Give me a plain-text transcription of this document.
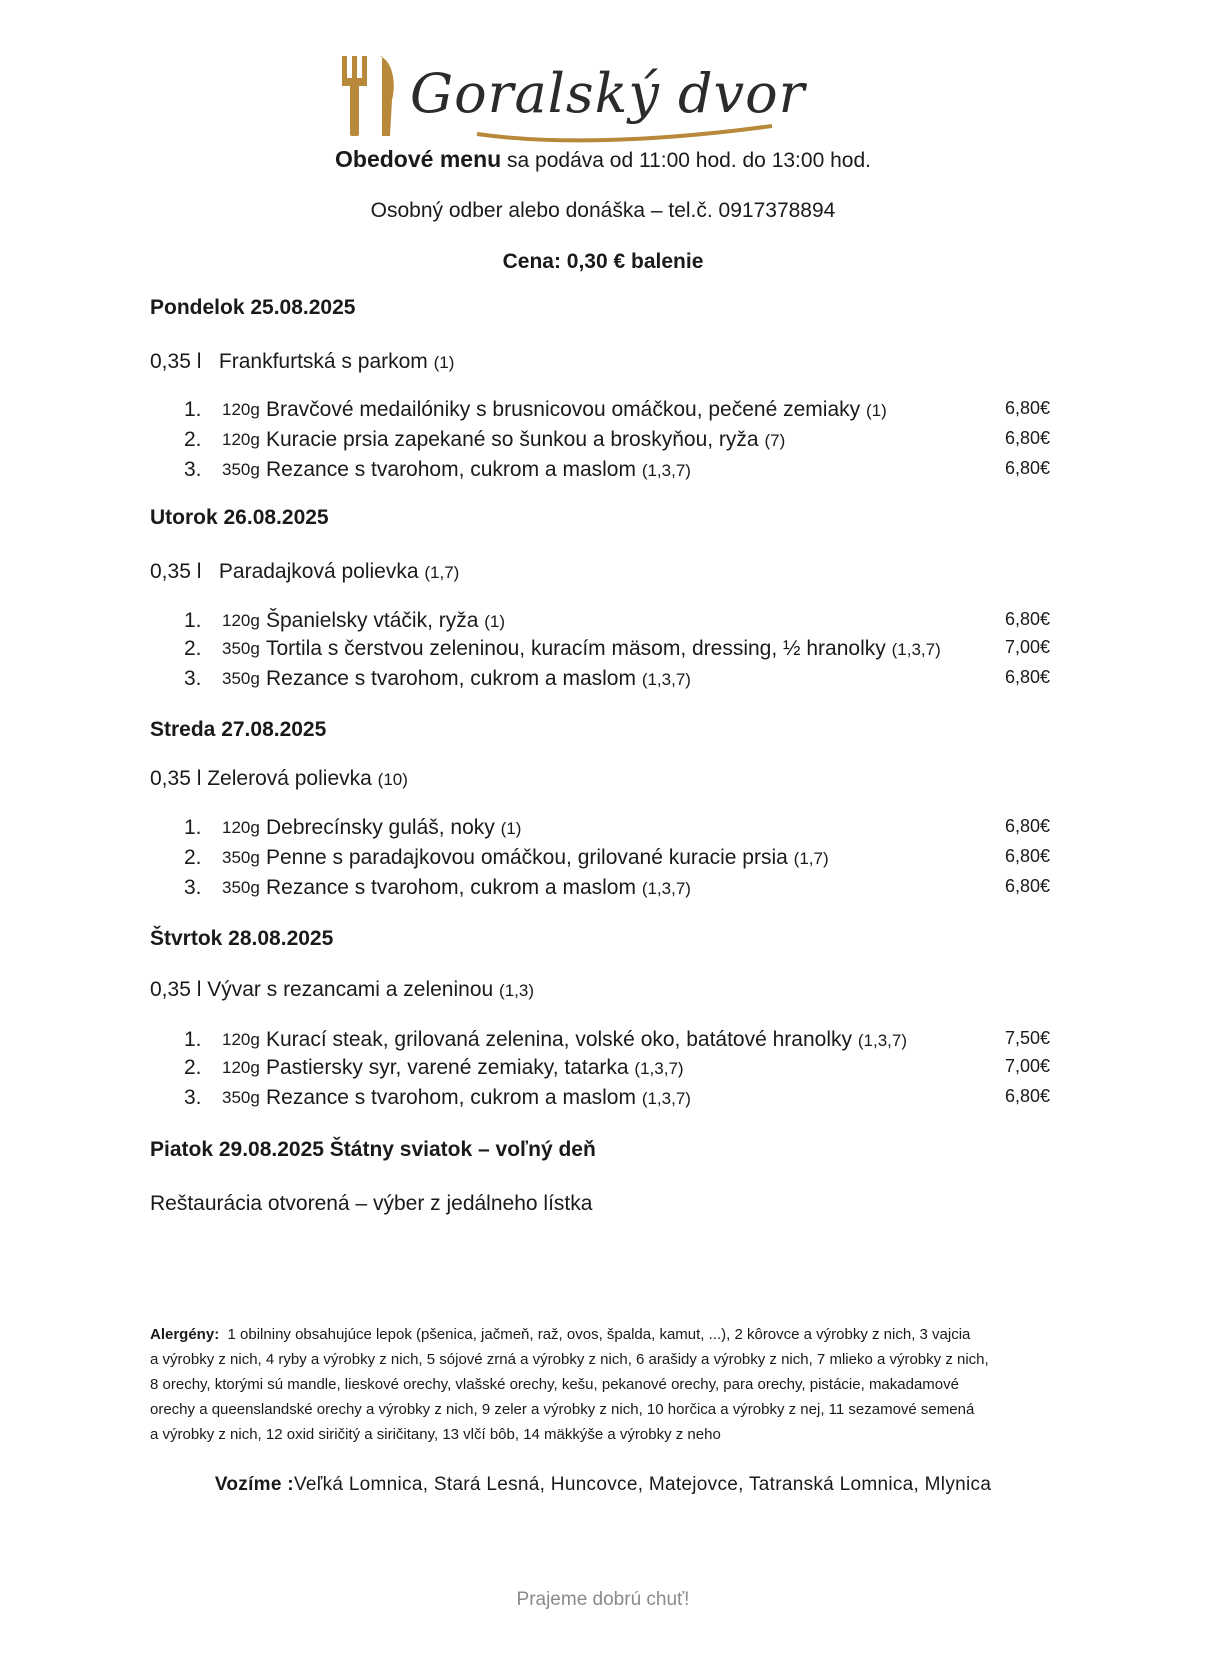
Goralský dvor
Obedové menu sa podáva od 11:00 hod. do 13:00 hod.
Osobný odber alebo donáška – tel.č. 0917378894
Cena: 0,30 € balenie
Pondelok 25.08.2025
0,35 l Frankfurtská s parkom (1)
1.	120g Bravčové medailóniky s brusnicovou omáčkou, pečené zemiaky (1)	6,80€
2.	120g Kuracie prsia zapekané so šunkou a broskyňou, ryža (7)	6,80€
3.	350g Rezance s tvarohom, cukrom a maslom (1,3,7)	6,80€
Utorok 26.08.2025
0,35 l Paradajková polievka (1,7)
1.	120g Španielsky vtáčik, ryža (1)	6,80€
2.	350g Tortila s čerstvou zeleninou, kuracím mäsom, dressing, ½ hranolky (1,3,7)	7,00€
3.	350g Rezance s tvarohom, cukrom a maslom (1,3,7)	6,80€
Streda 27.08.2025
0,35 l Zelerová polievka (10)
1.	120g Debrecínsky guláš, noky (1)	6,80€
2.	350g Penne s paradajkovou omáčkou, grilované kuracie prsia (1,7)	6,80€
3.	350g Rezance s tvarohom, cukrom a maslom (1,3,7)	6,80€
Štvrtok 28.08.2025
0,35 l Vývar s rezancami a zeleninou (1,3)
1.	120g Kurací steak, grilovaná zelenina, volské oko, batátové hranolky (1,3,7)	7,50€
2.	120g Pastiersky syr, varené zemiaky, tatarka (1,3,7)	7,00€
3.	350g Rezance s tvarohom, cukrom a maslom (1,3,7)	6,80€
Piatok 29.08.2025 Štátny sviatok – voľný deň
Reštaurácia otvorená – výber z jedálneho lístka
Alergény: 1 obilniny obsahujúce lepok (pšenica, jačmeň, raž, ovos, špalda, kamut, ...), 2 kôrovce a výrobky z nich, 3 vajcia
a výrobky z nich, 4 ryby a výrobky z nich, 5 sójové zrná a výrobky z nich, 6 arašidy a výrobky z nich, 7 mlieko a výrobky z nich,
8 orechy, ktorými sú mandle, lieskové orechy, vlašské orechy, kešu, pekanové orechy, para orechy, pistácie, makadamové
orechy a queenslandské orechy a výrobky z nich, 9 zeler a výrobky z nich, 10 horčica a výrobky z nej, 11 sezamové semená
a výrobky z nich, 12 oxid siričitý a siričitany, 13 vlčí bôb, 14 mäkkýše a výrobky z neho
Vozíme :Veľká Lomnica, Stará Lesná, Huncovce, Matejovce, Tatranská Lomnica, Mlynica
Prajeme dobrú chuť!
